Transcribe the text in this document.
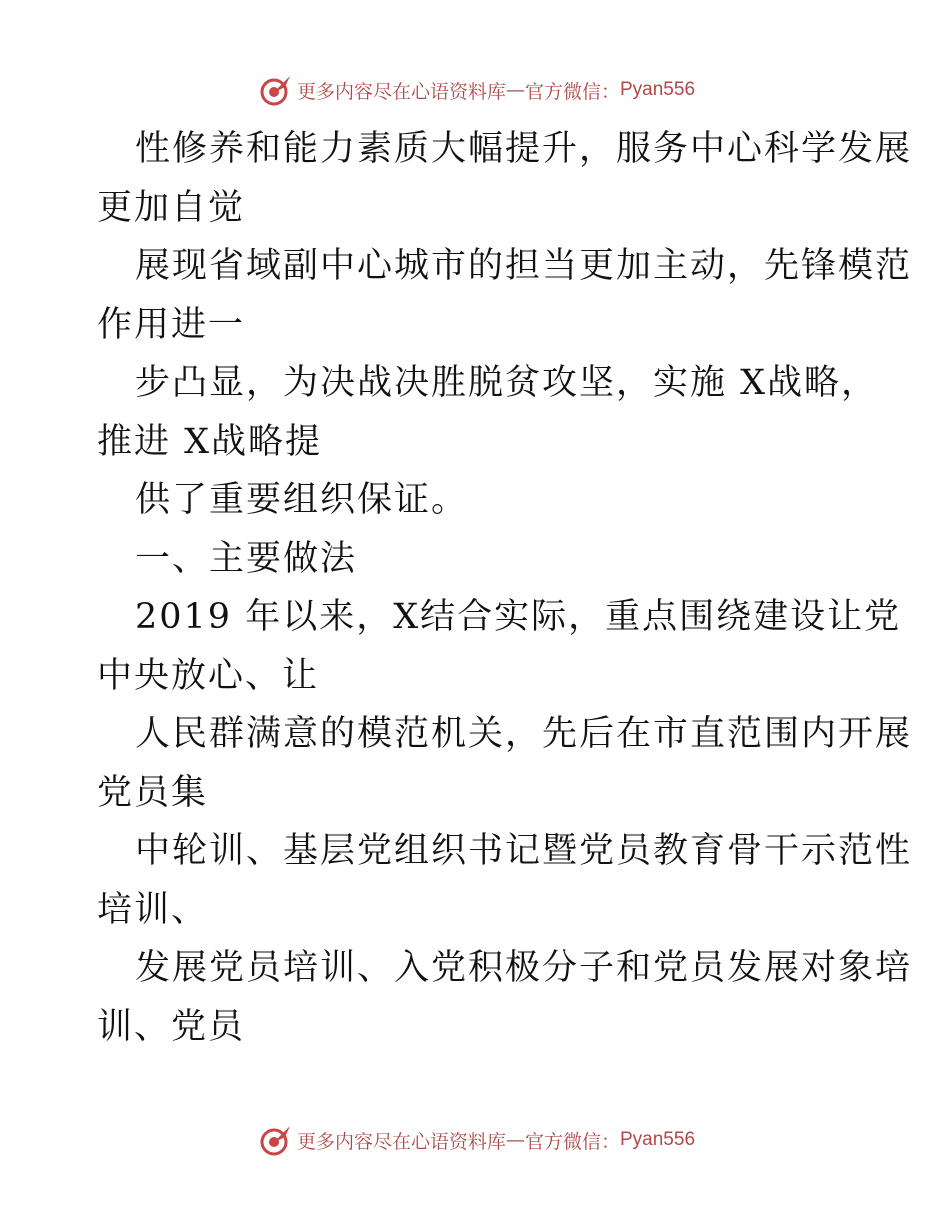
更多内容尽在心语资料库 — 官方微信： Pyan556
性修养和能力素质大幅提升，服务中心科学发展
更加自觉
展现省域副中心城市的担当更加主动，先锋模范
作用进一
步凸显，为决战决胜脱贫攻坚，实施 X战略，
推进 X战略提
供了重要组织保证。
一、主要做法
2019 年以来，X结合实际，重点围绕建设让党
中央放心、让
人民群满意的模范机关，先后在市直范围内开展
党员集
中轮训、基层党组织书记暨党员教育骨干示范性
培训、
发展党员培训、入党积极分子和党员发展对象培
训、党员
更多内容尽在心语资料库 — 官方微信： Pyan556
